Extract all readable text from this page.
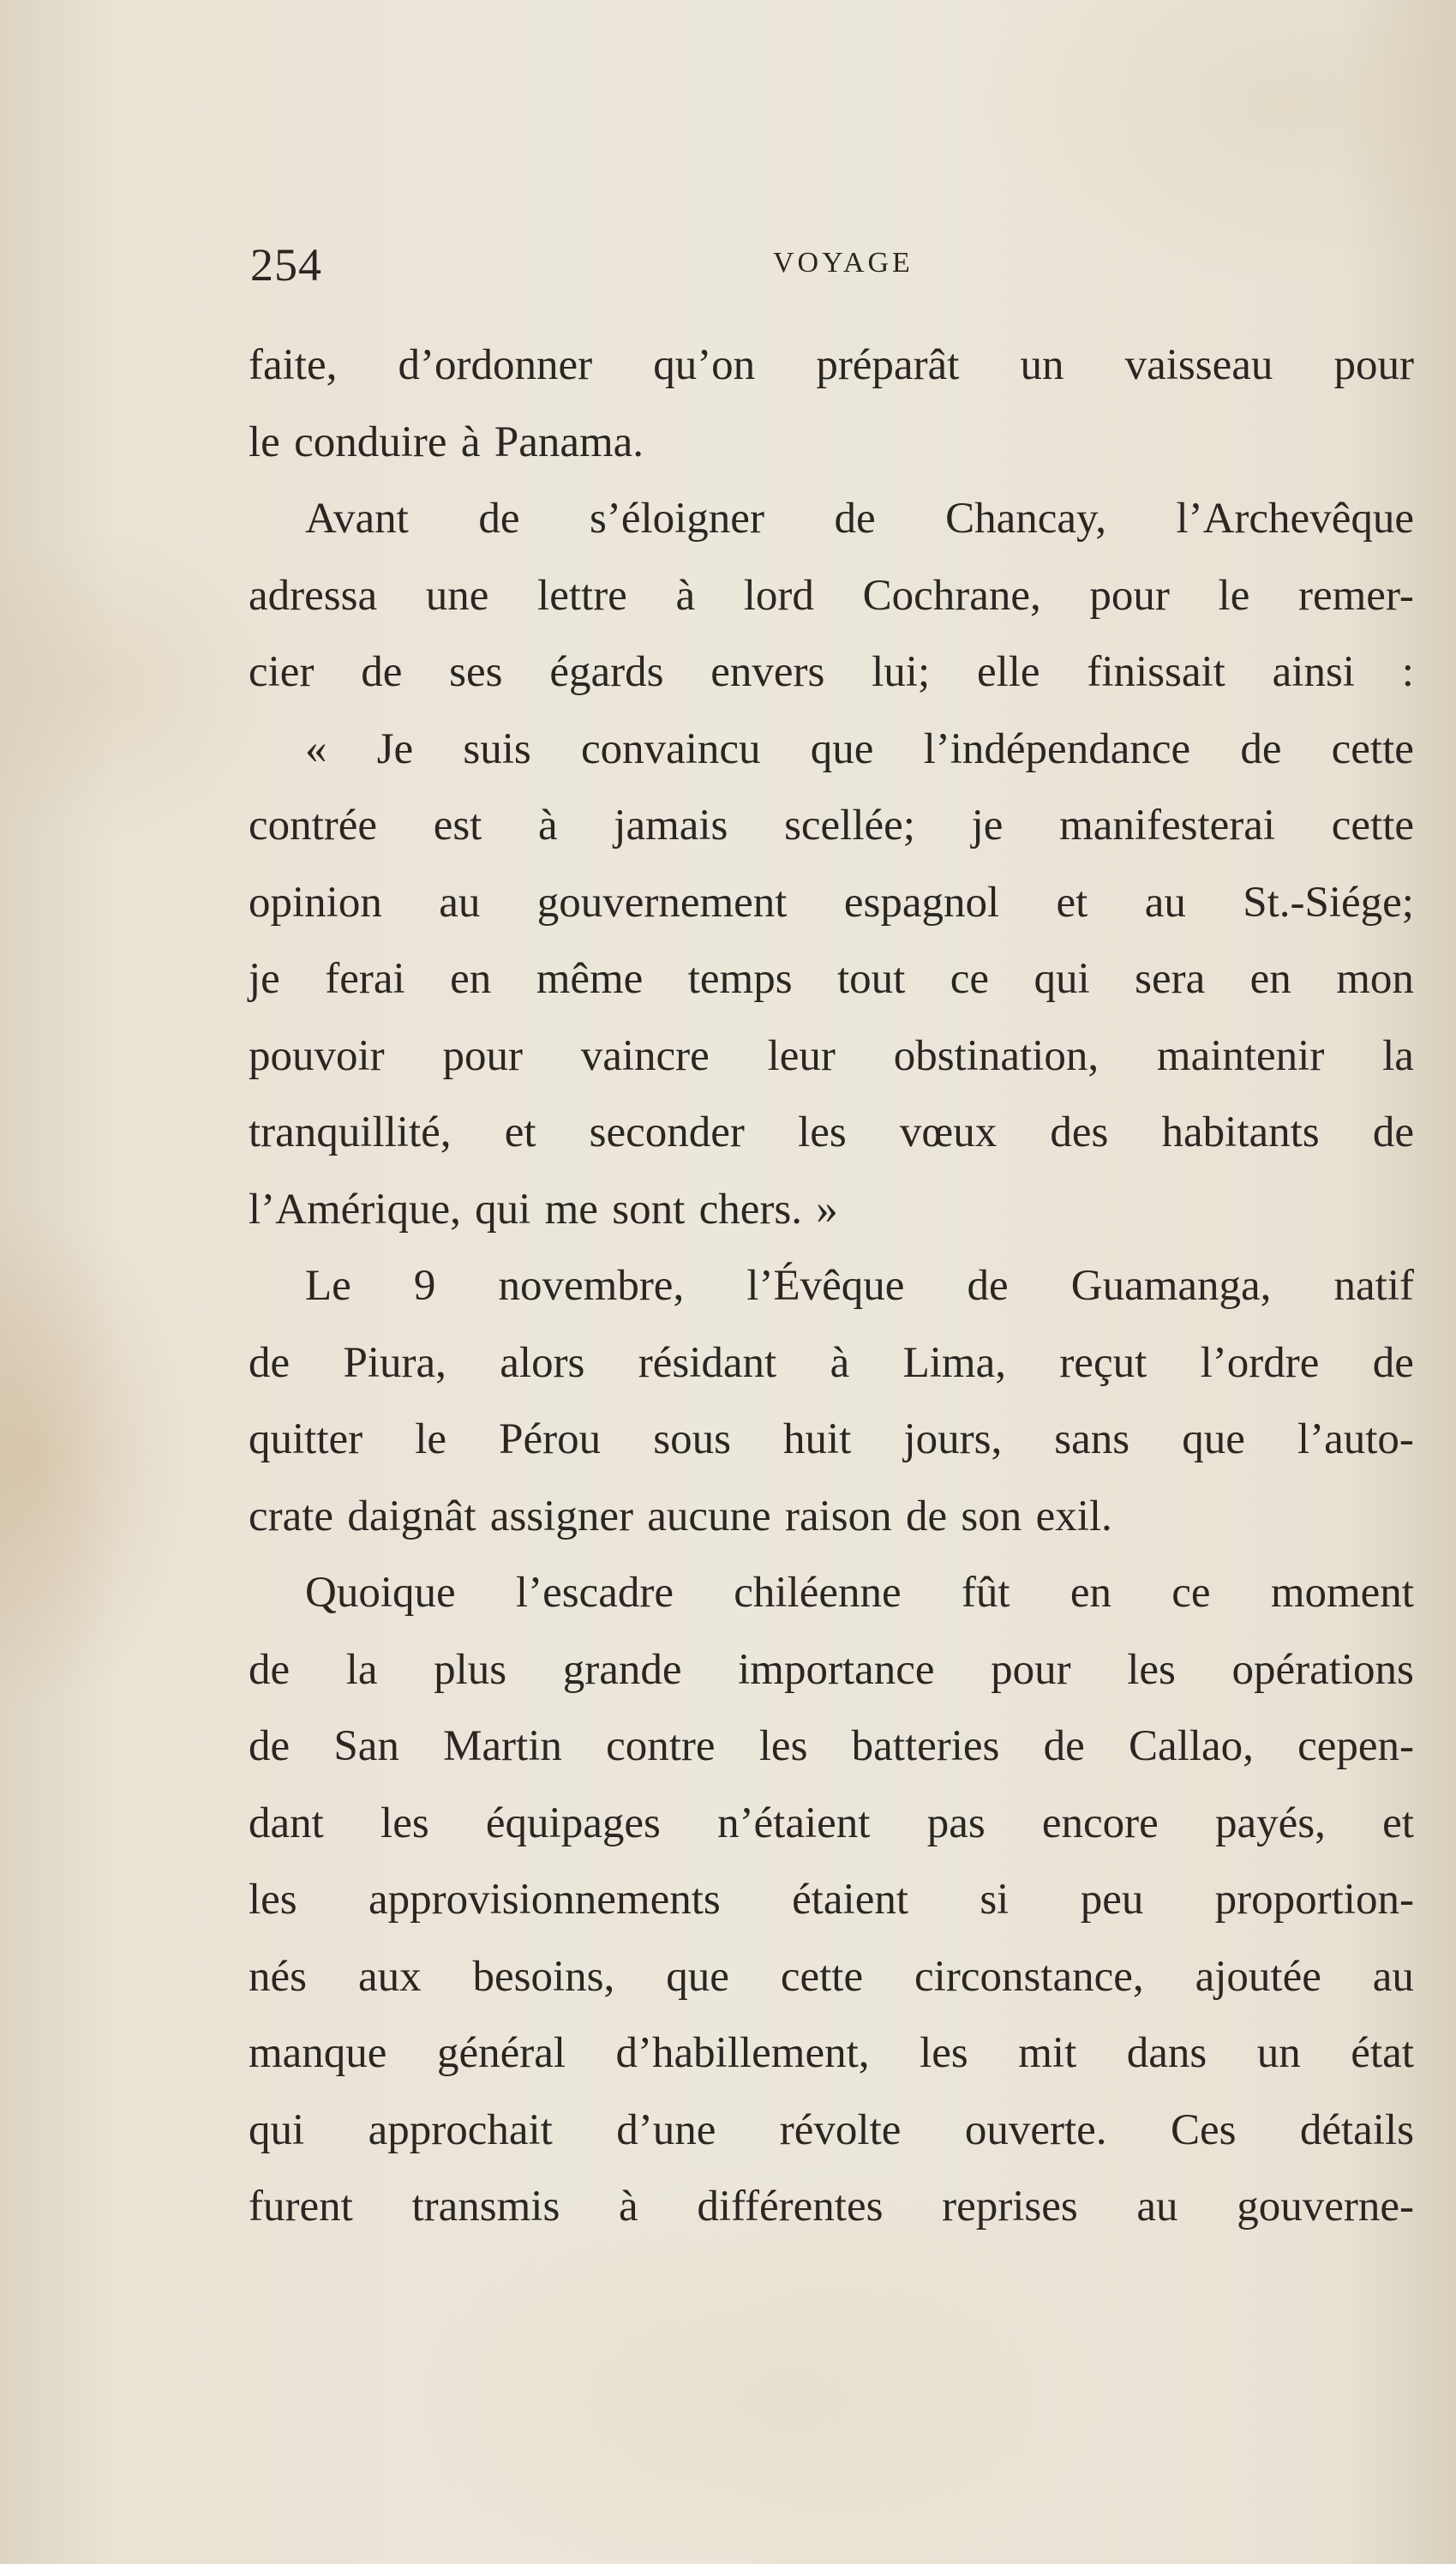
254	VOYAGE
faite, d’ordonner qu’on préparât un vaisseau pour
le conduire à Panama.
Avant de s’éloigner de Chancay, l’Archevêque
adressa une lettre à lord Cochrane, pour le remer-
cier de ses égards envers lui; elle finissait ainsi :
« Je suis convaincu que l’indépendance de cette
contrée est à jamais scellée; je manifesterai cette
opinion au gouvernement espagnol et au St.-Siége;
je ferai en même temps tout ce qui sera en mon
pouvoir pour vaincre leur obstination, maintenir la
tranquillité, et seconder les vœux des habitants de
l’Amérique, qui me sont chers. »
Le 9 novembre, l’Évêque de Guamanga, natif
de Piura, alors résidant à Lima, reçut l’ordre de
quitter le Pérou sous huit jours, sans que l’auto-
crate daignât assigner aucune raison de son exil.
Quoique l’escadre chiléenne fût en ce moment
de la plus grande importance pour les opérations
de San Martin contre les batteries de Callao, cepen-
dant les équipages n’étaient pas encore payés, et
les approvisionnements étaient si peu proportion-
nés aux besoins, que cette circonstance, ajoutée au
manque général d’habillement, les mit dans un état
qui approchait d’une révolte ouverte. Ces détails
furent transmis à différentes reprises au gouverne-
